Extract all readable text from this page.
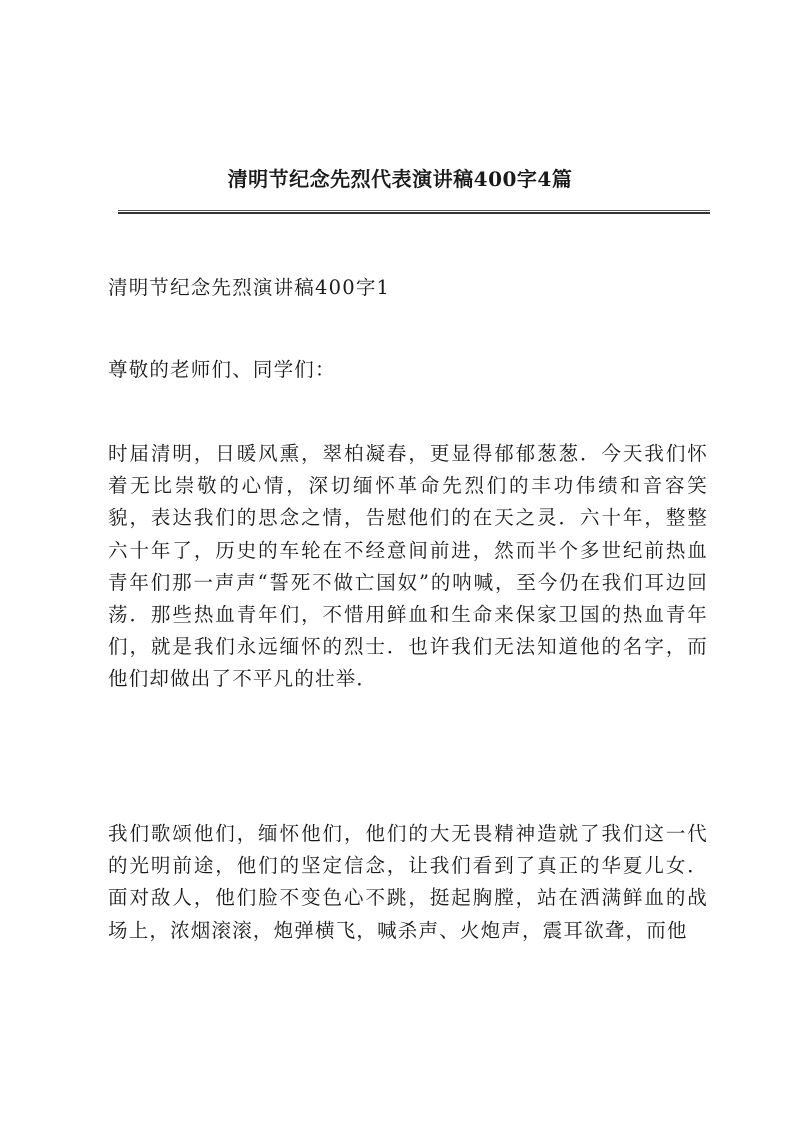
清明节纪念先烈代表演讲稿400字4篇
清明节纪念先烈演讲稿400字1
尊敬的老师们、同学们：
时届清明，日暖风熏，翠柏凝春，更显得郁郁葱葱．今天我们怀着无比崇敬的心情，深切缅怀革命先烈们的丰功伟绩和音容笑貌，表达我们的思念之情，告慰他们的在天之灵．六十年，整整六十年了，历史的车轮在不经意间前进，然而半个多世纪前热血青年们那一声声“誓死不做亡国奴”的呐喊，至今仍在我们耳边回荡．那些热血青年们，不惜用鲜血和生命来保家卫国的热血青年们，就是我们永远缅怀的烈士．也许我们无法知道他的名字，而他们却做出了不平凡的壮举．
我们歌颂他们，缅怀他们，他们的大无畏精神造就了我们这一代的光明前途，他们的坚定信念，让我们看到了真正的华夏儿女．面对敌人，他们脸不变色心不跳，挺起胸膛，站在洒满鲜血的战场上，浓烟滚滚，炮弹横飞，喊杀声、火炮声，震耳欲聋，而他
